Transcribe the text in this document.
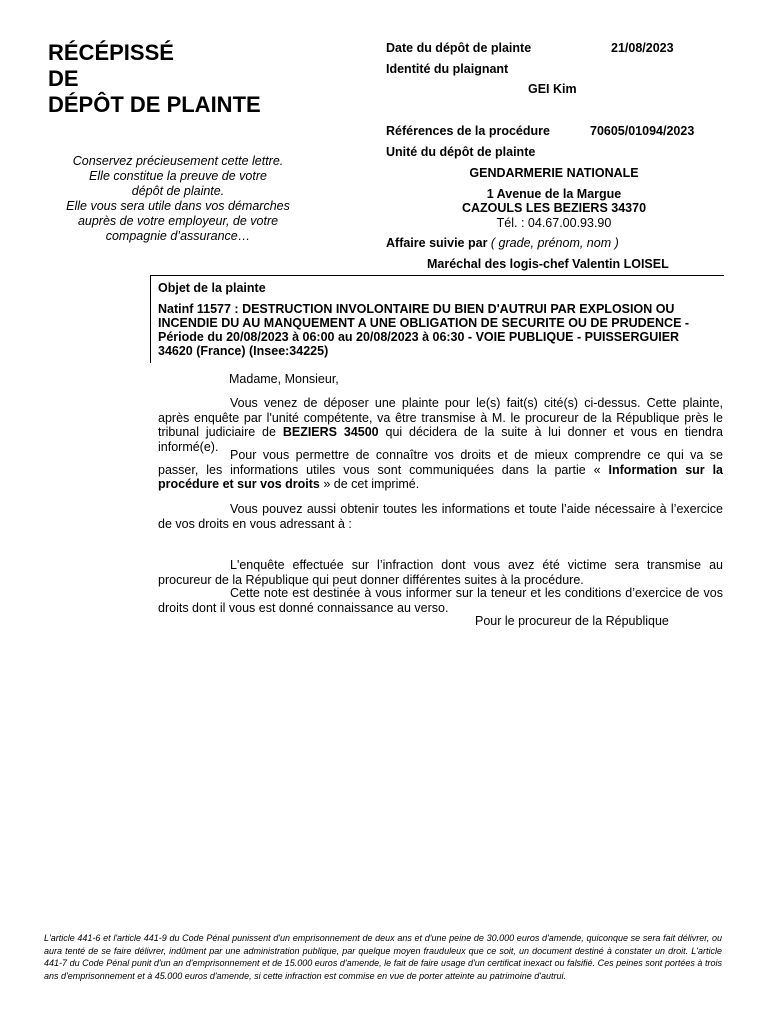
RÉCÉPISSÉ
DE
DÉPÔT DE PLAINTE
Conservez précieusement cette lettre.
Elle constitue la preuve de votre
dépôt de plainte.
Elle vous sera utile dans vos démarches
auprès de votre employeur, de votre
compagnie d’assurance…
Date du dépôt de plainte	21/08/2023
Identité du plaignant
GEI Kim
Références de la procédure	70605/01094/2023
Unité du dépôt de plainte
GENDARMERIE NATIONALE
1 Avenue de la Margue
CAZOULS LES BEZIERS 34370
Tél. : 04.67.00.93.90
Affaire suivie par ( grade, prénom, nom )
Maréchal des logis-chef Valentin LOISEL
Objet de la plainte
Natinf 11577 : DESTRUCTION INVOLONTAIRE DU BIEN D'AUTRUI PAR EXPLOSION OU
INCENDIE DU AU MANQUEMENT A UNE OBLIGATION DE SECURITE OU DE PRUDENCE -
Période du 20/08/2023 à 06:00 au 20/08/2023 à 06:30 - VOIE PUBLIQUE - PUISSERGUIER
34620 (France) (Insee:34225)
Madame, Monsieur,
Vous venez de déposer une plainte pour le(s) fait(s) cité(s) ci-dessus. Cette plainte, après enquête par l'unité compétente, va être transmise à M. le procureur de la République près le tribunal judiciaire de BEZIERS 34500 qui décidera de la suite à lui donner et vous en tiendra informé(e).
Pour vous permettre de connaître vos droits et de mieux comprendre ce qui va se passer, les informations utiles vous sont communiquées dans la partie « Information sur la procédure et sur vos droits » de cet imprimé.
Vous pouvez aussi obtenir toutes les informations et toute l’aide nécessaire à l’exercice de vos droits en vous adressant à :
L'enquête effectuée sur l’infraction dont vous avez été victime sera transmise au procureur de la République qui peut donner différentes suites à la procédure.
Cette note est destinée à vous informer sur la teneur et les conditions d’exercice de vos droits dont il vous est donné connaissance au verso.
Pour le procureur de la République
L'article 441-6 et l'article 441-9 du Code Pénal punissent d'un emprisonnement de deux ans et d'une peine de 30.000 euros d'amende, quiconque se sera fait délivrer, ou aura tenté de se faire délivrer, indûment par une administration publique, par quelque moyen frauduleux que ce soit, un document destiné à constater un droit. L'article 441-7 du Code Pénal punit d'un an d'emprisonnement et de 15.000 euros d'amende, le fait de faire usage d'un certificat inexact ou falsifié. Ces peines sont portées à trois ans d'emprisonnement et à 45.000 euros d'amende, si cette infraction est commise en vue de porter atteinte au patrimoine d'autrui.
